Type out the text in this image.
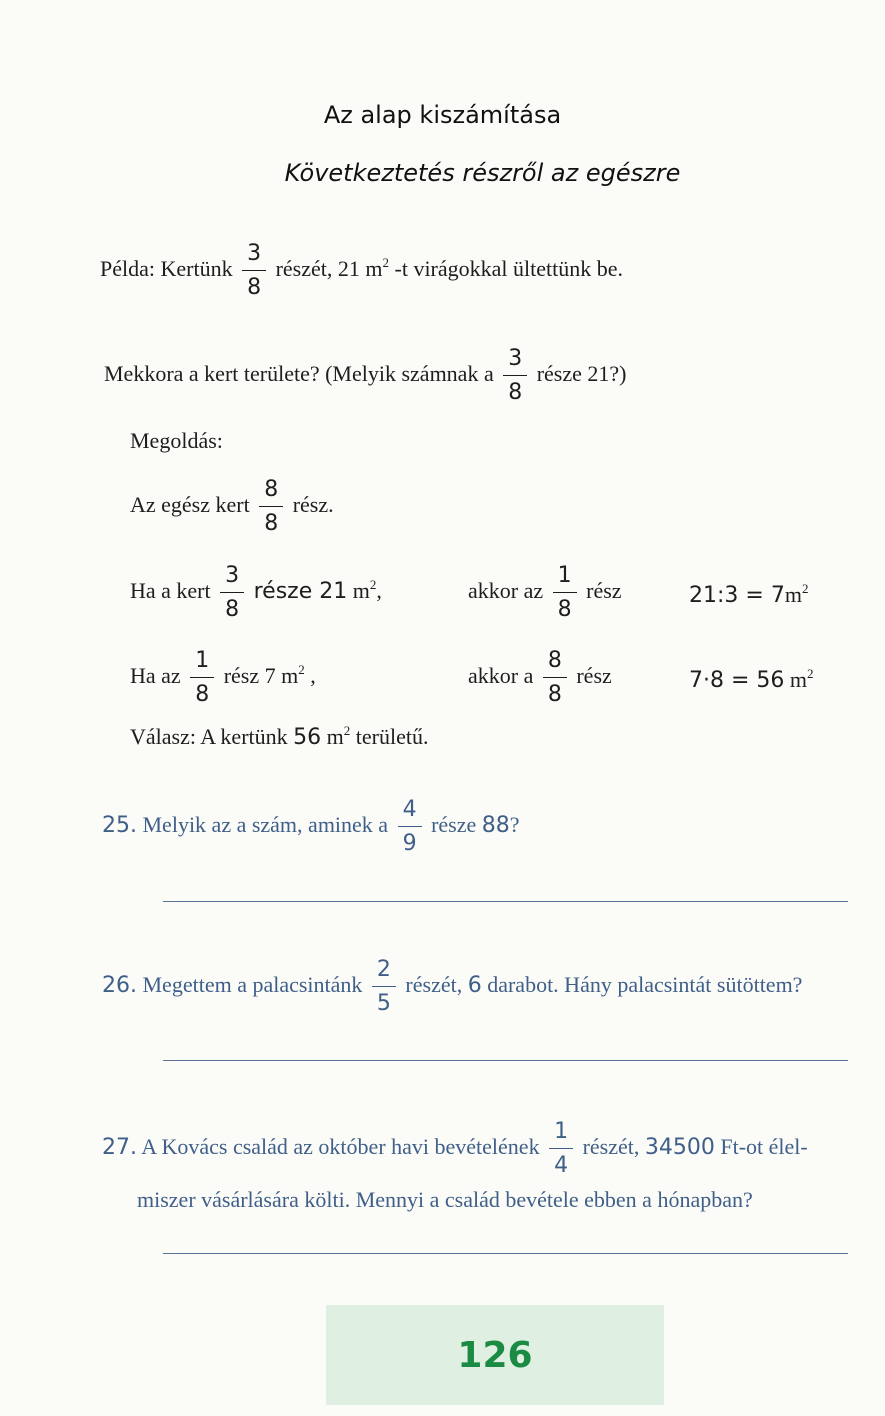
Az alap kiszámítása
Következtetés részről az egészre
Példa: Kertünk $\frac{3}{8}$ részét, 21 $m^2$ -t virágokkal ültettünk be.
Mekkora a kert területe? (Melyik számnak a $\frac{3}{8}$ része 21?)
Megoldás:
Az egész kert $\frac{8}{8}$ rész.
Ha a kert $\frac{3}{8}$ része 21 $m^2$,	akkor az $\frac{1}{8}$ rész	21:3 = $7m^2$
Ha az $\frac{1}{8}$ rész 7 $m^2$ ,	akkor a $\frac{8}{8}$ rész	7·8 = 56 $m^2$
Válasz: A kertünk 56 $m^2$ területű.
25. Melyik az a szám, aminek a $\frac{4}{9}$ része 88?
26. Megettem a palacsintánk $\frac{2}{5}$ részét, 6 darabot. Hány palacsintát sütöttem?
27. A Kovács család az október havi bevételének $\frac{1}{4}$ részét, 34500 Ft-ot élel-
miszer vásárlására költi. Mennyi a család bevétele ebben a hónapban?
126
